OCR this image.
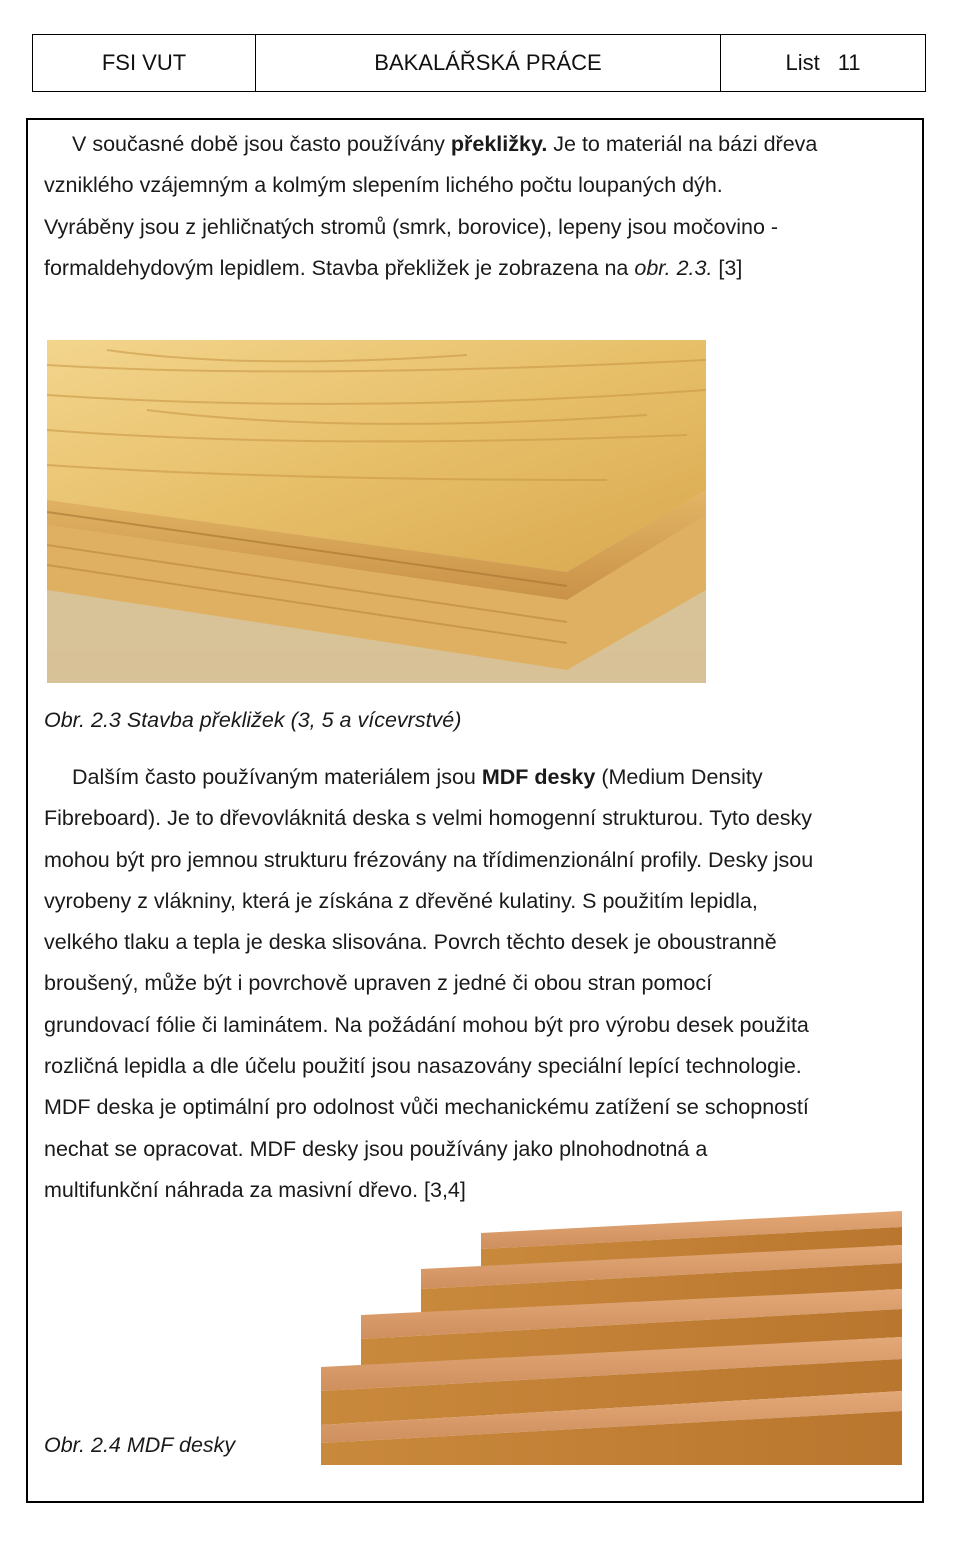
FSI VUT	BAKALÁŘSKÁ PRÁCE	List 11

V současné době jsou často používány překližky. Je to materiál na bázi dřeva
vzniklého vzájemným a kolmým slepením lichého počtu loupaných dýh.
Vyráběny jsou z jehličnatých stromů (smrk, borovice), lepeny jsou močovino -
formaldehydovým lepidlem. Stavba překližek je zobrazena na obr. 2.3. [3]

Obr. 2.3 Stavba překližek (3, 5 a vícevrstvé)

Dalším často používaným materiálem jsou MDF desky (Medium Density
Fibreboard). Je to dřevovláknitá deska s velmi homogenní strukturou. Tyto desky
mohou být pro jemnou strukturu frézovány na třídimenzionální profily. Desky jsou
vyrobeny z vlákniny, která je získána z dřevěné kulatiny. S použitím lepidla,
velkého tlaku a tepla je deska slisována. Povrch těchto desek je oboustranně
broušený, může být i povrchově upraven z jedné či obou stran pomocí
grundovací fólie či laminátem. Na požádání mohou být pro výrobu desek použita
rozličná lepidla a dle účelu použití jsou nasazovány speciální lepící technologie.
MDF deska je optimální pro odolnost vůči mechanickému zatížení se schopností
nechat se opracovat. MDF desky jsou používány jako plnohodnotná a
multifunkční náhrada za masivní dřevo. [3,4]

Obr. 2.4 MDF desky
